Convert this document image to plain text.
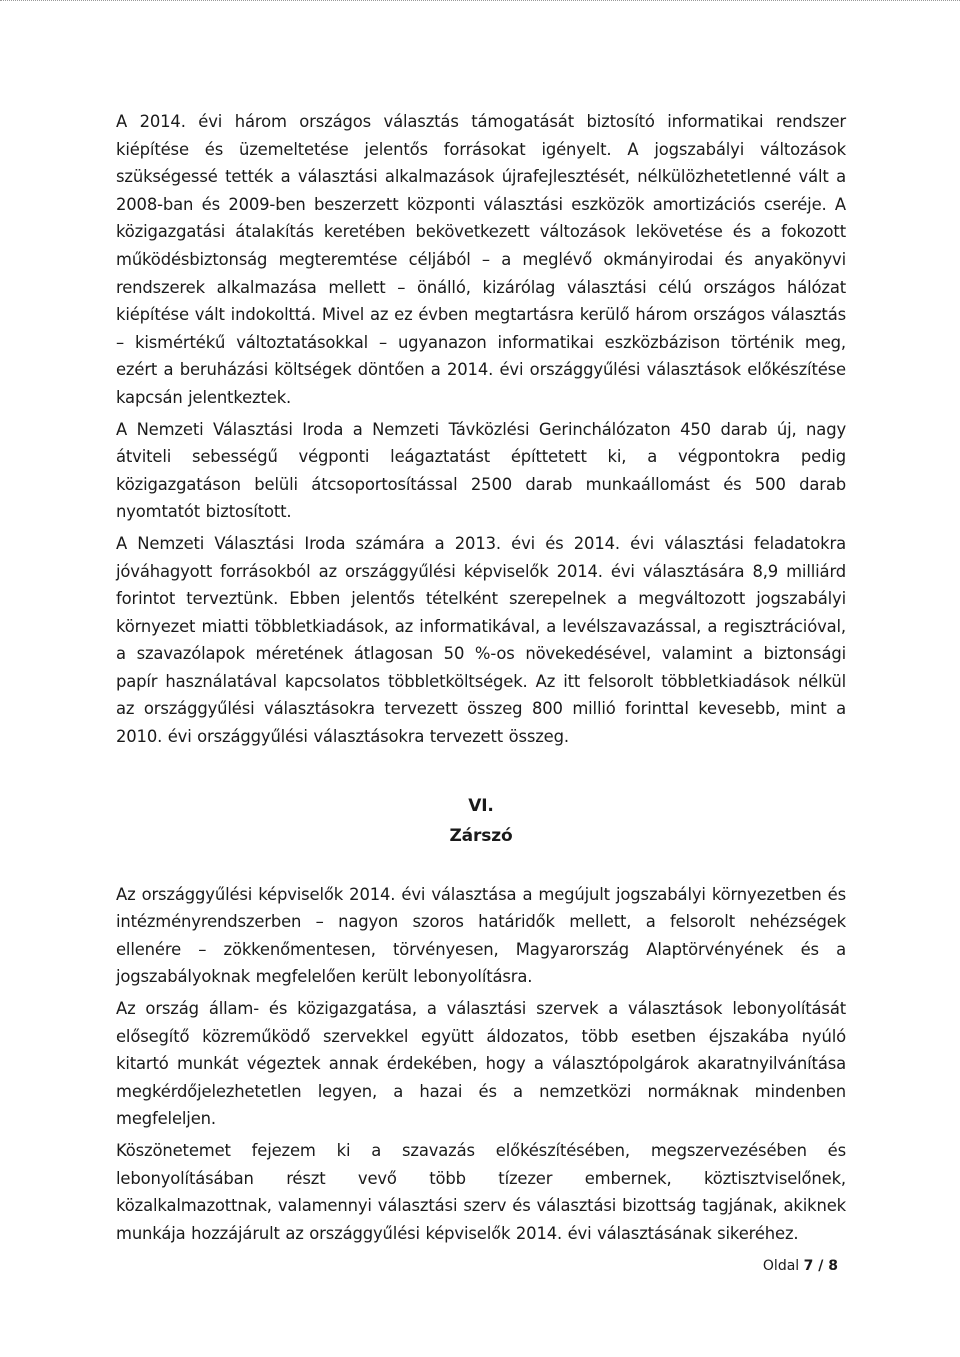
A 2014. évi három országos választás támogatását biztosító informatikai rendszer kiépítése és üzemeltetése jelentős forrásokat igényelt. A jogszabályi változások szükségessé tették a választási alkalmazások újrafejlesztését, nélkülözhetetlenné vált a 2008-ban és 2009-ben beszerzett központi választási eszközök amortizációs cseréje. A közigazgatási átalakítás keretében bekövetkezett változások lekövetése és a fokozott működésbiztonság megteremtése céljából – a meglévő okmányirodai és anyakönyvi rendszerek alkalmazása mellett – önálló, kizárólag választási célú országos hálózat kiépítése vált indokolttá. Mivel az ez évben megtartásra kerülő három országos választás – kismértékű változtatásokkal – ugyanazon informatikai eszközbázison történik meg, ezért a beruházási költségek döntően a 2014. évi országgyűlési választások előkészítése kapcsán jelentkeztek.

A Nemzeti Választási Iroda a Nemzeti Távközlési Gerinchálózaton 450 darab új, nagy átviteli sebességű végponti leágaztatást építtetett ki, a végpontokra pedig közigazgatáson belüli átcsoportosítással 2500 darab munkaállomást és 500 darab nyomtatót biztosított.

A Nemzeti Választási Iroda számára a 2013. évi és 2014. évi választási feladatokra jóváhagyott forrásokból az országgyűlési képviselők 2014. évi választására 8,9 milliárd forintot terveztünk. Ebben jelentős tételként szerepelnek a megváltozott jogszabályi környezet miatti többletkiadások, az informatikával, a levélszavazással, a regisztrációval, a szavazólapok méretének átlagosan 50 %-os növekedésével, valamint a biztonsági papír használatával kapcsolatos többletköltségek. Az itt felsorolt többletkiadások nélkül az országgyűlési választásokra tervezett összeg 800 millió forinttal kevesebb, mint a 2010. évi országgyűlési választásokra tervezett összeg.

VI.
Zárszó

Az országgyűlési képviselők 2014. évi választása a megújult jogszabályi környezetben és intézményrendszerben – nagyon szoros határidők mellett, a felsorolt nehézségek ellenére – zökkenőmentesen, törvényesen, Magyarország Alaptörvényének és a jogszabályoknak megfelelően került lebonyolításra.

Az ország állam- és közigazgatása, a választási szervek a választások lebonyolítását elősegítő közreműködő szervekkel együtt áldozatos, több esetben éjszakába nyúló kitartó munkát végeztek annak érdekében, hogy a választópolgárok akaratnyilvánítása megkérdőjelezhetetlen legyen, a hazai és a nemzetközi normáknak mindenben megfeleljen.

Köszönetemet fejezem ki a szavazás előkészítésében, megszervezésében és lebonyolításában részt vevő több tízezer embernek, köztisztviselőnek, közalkalmazottnak, valamennyi választási szerv és választási bizottság tagjának, akiknek munkája hozzájárult az országgyűlési képviselők 2014. évi választásának sikeréhez.

Oldal 7 / 8
